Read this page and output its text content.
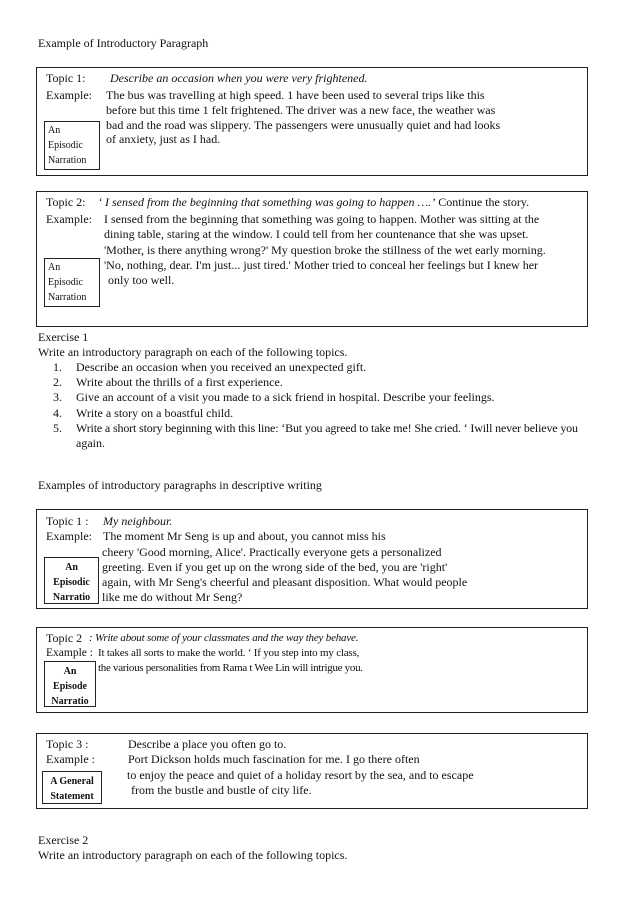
Example of Introductory Paragraph
Topic 1: Describe an occasion when you were very frightened.
Example: The bus was travelling at high speed. 1 have been used to several trips like this
before but this time 1 felt frightened. The driver was a new face, the weather was
bad and the road was slippery. The passengers were unusually quiet and had looks
of anxiety, just as I had.
An
Episodic
Narration
Topic 2: ‘ I sensed from the beginning that something was going to happen ….’ Continue the story.
Example: I sensed from the beginning that something was going to happen. Mother was sitting at the
dining table, staring at the window. I could tell from her countenance that she was upset.
'Mother, is there anything wrong?' My question broke the stillness of the wet early morning.
'No, nothing, dear. I'm just... just tired.' Mother tried to conceal her feelings but I knew her
only too well.
An
Episodic
Narration
Exercise 1
Write an introductory paragraph on each of the following topics.
1. Describe an occasion when you received an unexpected gift.
2. Write about the thrills of a first experience.
3. Give an account of a visit you made to a sick friend in hospital. Describe your feelings.
4. Write a story on a boastful child.
5. Write a short story beginning with this line: ‘But you agreed to take me! She cried. ‘ Iwill never believe you
again.
Examples of introductory paragraphs in descriptive writing
Topic 1 : My neighbour.
Example: The moment Mr Seng is up and about, you cannot miss his
cheery 'Good morning, Alice'. Practically everyone gets a personalized
greeting. Even if you get up on the wrong side of the bed, you are 'right'
again, with Mr Seng's cheerful and pleasant disposition. What would people
like me do without Mr Seng?
An
Episodic
Narratio
Topic 2 : Write about some of your classmates and the way they behave.
Example : It takes all sorts to make the world. ‘ If you step into my class,
the various personalities from Rama t Wee Lin will intrigue you.
An
Episode
Narratio
Topic 3 :	Describe a place you often go to.
Example :	Port Dickson holds much fascination for me. I go there often
to enjoy the peace and quiet of a holiday resort by the sea, and to escape
from the bustle and bustle of city life.
A General
Statement
Exercise 2
Write an introductory paragraph on each of the following topics.
